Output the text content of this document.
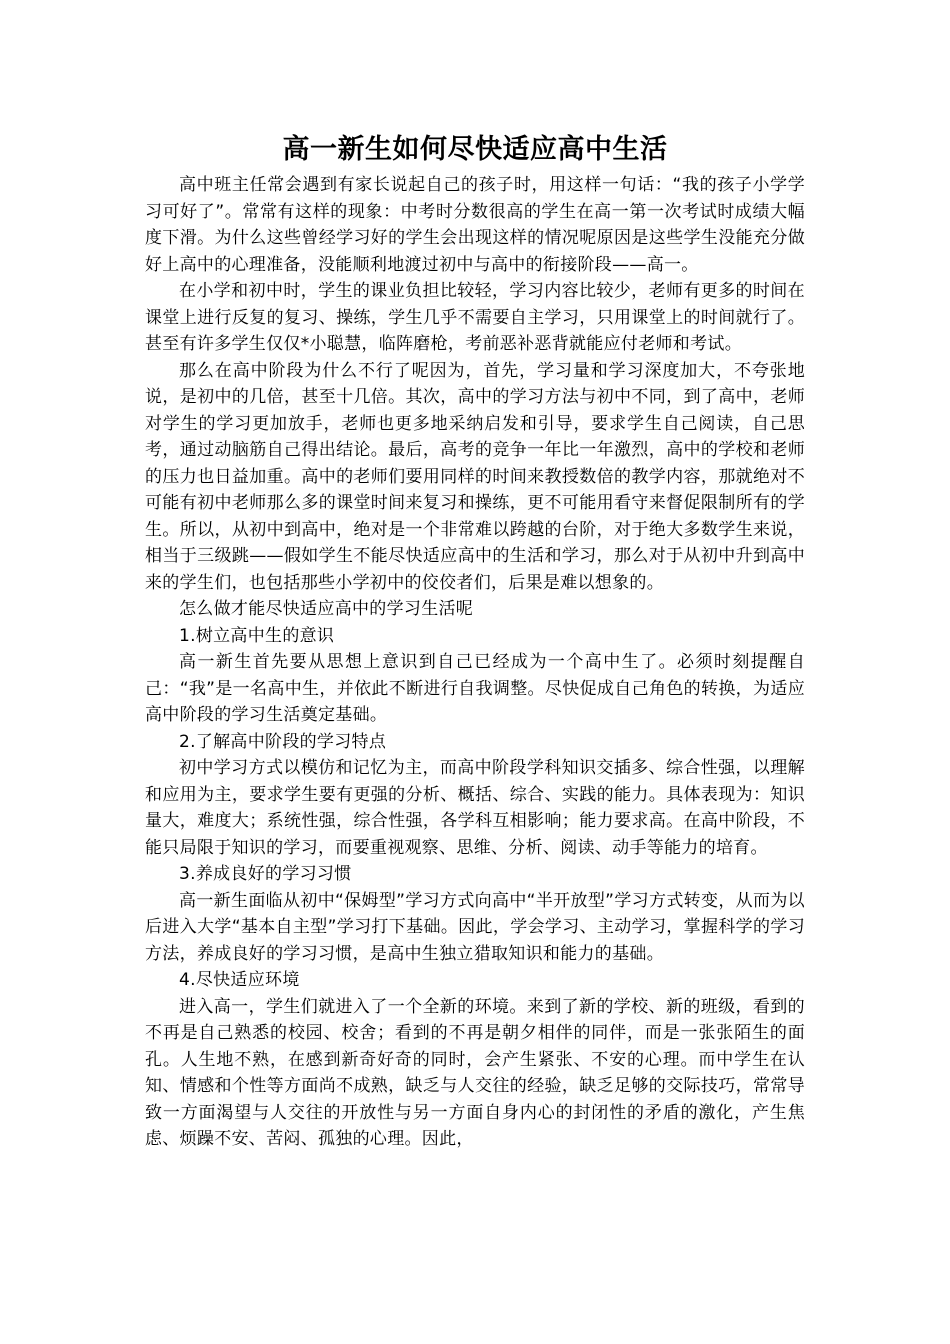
高一新生如何尽快适应高中生活

高中班主任常会遇到有家长说起自己的孩子时，用这样一句话：“我的孩子小学学习可好了”。常常有这样的现象：中考时分数很高的学生在高一第一次考试时成绩大幅度下滑。为什么这些曾经学习好的学生会出现这样的情况呢原因是这些学生没能充分做好上高中的心理准备，没能顺利地渡过初中与高中的衔接阶段——高一。

在小学和初中时，学生的课业负担比较轻，学习内容比较少，老师有更多的时间在课堂上进行反复的复习、操练，学生几乎不需要自主学习，只用课堂上的时间就行了。甚至有许多学生仅仅*小聪慧，临阵磨枪，考前恶补恶背就能应付老师和考试。

那么在高中阶段为什么不行了呢因为，首先，学习量和学习深度加大，不夸张地说，是初中的几倍，甚至十几倍。其次，高中的学习方法与初中不同，到了高中，老师对学生的学习更加放手，老师也更多地采纳启发和引导，要求学生自己阅读，自己思考，通过动脑筋自己得出结论。最后，高考的竞争一年比一年激烈，高中的学校和老师的压力也日益加重。高中的老师们要用同样的时间来教授数倍的教学内容，那就绝对不可能有初中老师那么多的课堂时间来复习和操练，更不可能用看守来督促限制所有的学生。所以，从初中到高中，绝对是一个非常难以跨越的台阶，对于绝大多数学生来说，相当于三级跳——假如学生不能尽快适应高中的生活和学习，那么对于从初中升到高中来的学生们，也包括那些小学初中的佼佼者们，后果是难以想象的。

怎么做才能尽快适应高中的学习生活呢

1.树立高中生的意识

高一新生首先要从思想上意识到自己已经成为一个高中生了。必须时刻提醒自己：“我”是一名高中生，并依此不断进行自我调整。尽快促成自己角色的转换，为适应高中阶段的学习生活奠定基础。

2.了解高中阶段的学习特点

初中学习方式以模仿和记忆为主，而高中阶段学科知识交插多、综合性强，以理解和应用为主，要求学生要有更强的分析、概括、综合、实践的能力。具体表现为：知识量大，难度大；系统性强，综合性强，各学科互相影响；能力要求高。在高中阶段，不能只局限于知识的学习，而要重视观察、思维、分析、阅读、动手等能力的培育。

3.养成良好的学习习惯

高一新生面临从初中“保姆型”学习方式向高中“半开放型”学习方式转变，从而为以后进入大学“基本自主型”学习打下基础。因此，学会学习、主动学习，掌握科学的学习方法，养成良好的学习习惯，是高中生独立猎取知识和能力的基础。

4.尽快适应环境

进入高一，学生们就进入了一个全新的环境。来到了新的学校、新的班级，看到的不再是自己熟悉的校园、校舍；看到的不再是朝夕相伴的同伴，而是一张张陌生的面孔。人生地不熟，在感到新奇好奇的同时，会产生紧张、不安的心理。而中学生在认知、情感和个性等方面尚不成熟，缺乏与人交往的经验，缺乏足够的交际技巧，常常导致一方面渴望与人交往的开放性与另一方面自身内心的封闭性的矛盾的激化，产生焦虑、烦躁不安、苦闷、孤独的心理。因此，
